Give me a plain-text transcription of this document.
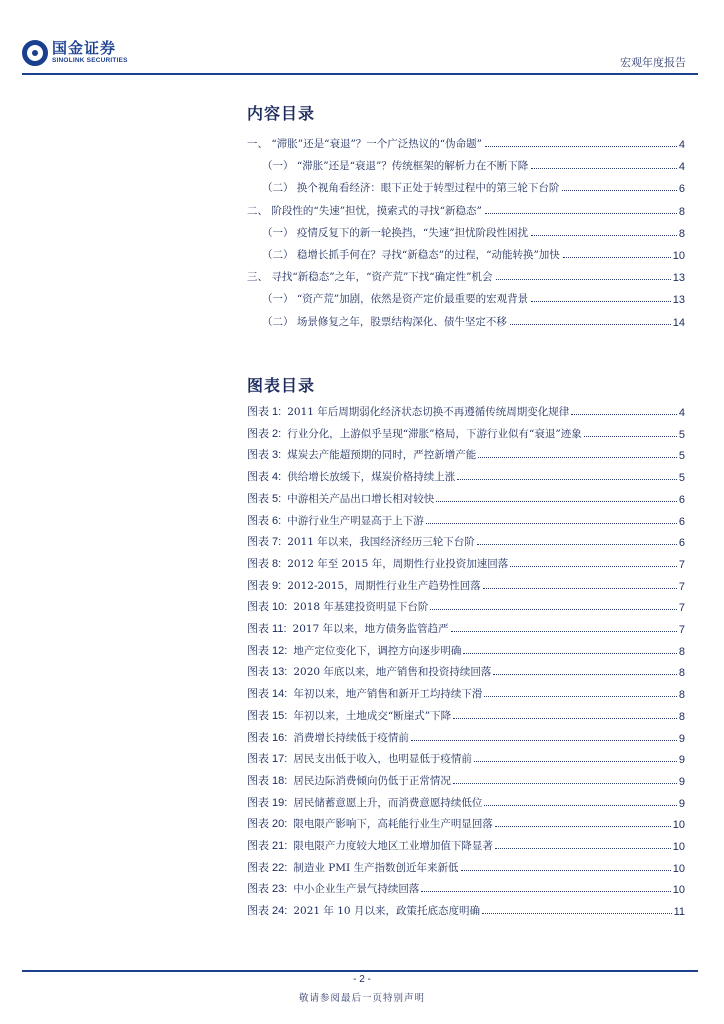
国金证券
SINOLINK SECURITIES	宏观年度报告
内容目录
一、 “滞胀”还是“衰退”？一个广泛热议的“伪命题”	4
（一） “滞胀”还是“衰退”？传统框架的解析力在不断下降	4
（二） 换个视角看经济：眼下正处于转型过程中的第三轮下台阶	6
二、 阶段性的“失速”担忧，摸索式的寻找“新稳态”	8
（一） 疫情反复下的新一轮换挡，“失速”担忧阶段性困扰	8
（二） 稳增长抓手何在？寻找“新稳态”的过程，“动能转换”加快	10
三、 寻找“新稳态”之年，“资产荒”下找“确定性”机会	13
（一） “资产荒”加剧，依然是资产定价最重要的宏观背景	13
（二） 场景修复之年，股票结构深化、债牛坚定不移	14
图表目录
图表 1: 2011 年后周期弱化经济状态切换不再遵循传统周期变化规律	4
图表 2: 行业分化，上游似乎呈现“滞胀”格局，下游行业似有“衰退”迹象	5
图表 3: 煤炭去产能超预期的同时，严控新增产能	5
图表 4: 供给增长放缓下，煤炭价格持续上涨	5
图表 5: 中游相关产品出口增长相对较快	6
图表 6: 中游行业生产明显高于上下游	6
图表 7: 2011 年以来，我国经济经历三轮下台阶	6
图表 8: 2012 年至 2015 年，周期性行业投资加速回落	7
图表 9: 2012-2015，周期性行业生产趋势性回落	7
图表 10: 2018 年基建投资明显下台阶	7
图表 11: 2017 年以来，地方债务监管趋严	7
图表 12: 地产定位变化下，调控方向逐步明确	8
图表 13: 2020 年底以来，地产销售和投资持续回落	8
图表 14: 年初以来，地产销售和新开工均持续下滑	8
图表 15: 年初以来，土地成交“断崖式”下降	8
图表 16: 消费增长持续低于疫情前	9
图表 17: 居民支出低于收入，也明显低于疫情前	9
图表 18: 居民边际消费倾向仍低于正常情况	9
图表 19: 居民储蓄意愿上升，而消费意愿持续低位	9
图表 20: 限电限产影响下，高耗能行业生产明显回落	10
图表 21: 限电限产力度较大地区工业增加值下降显著	10
图表 22: 制造业 PMI 生产指数创近年来新低	10
图表 23: 中小企业生产景气持续回落	10
图表 24: 2021 年 10 月以来，政策托底态度明确	11
- 2 -
敬请参阅最后一页特别声明
